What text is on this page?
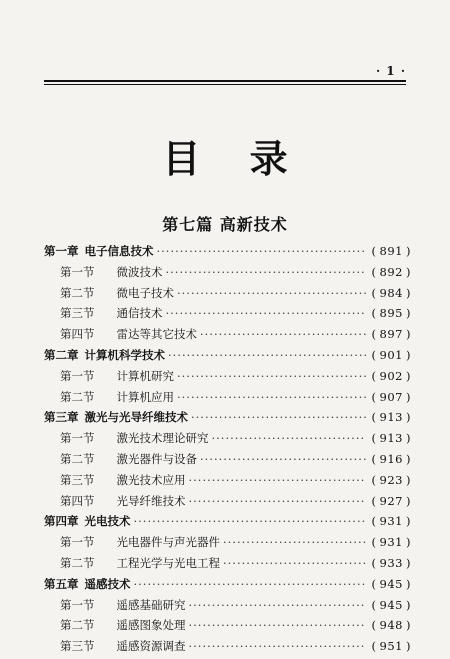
· 1 ·
目 录
第七篇 高新技术
第一章 电子信息技术 ·····	( 891 )
第一节 微波技术 ·····	( 892 )
第二节 微电子技术 ·····	( 984 )
第三节 通信技术 ·····	( 895 )
第四节 雷达等其它技术 ·····	( 897 )
第二章 计算机科学技术 ·····	( 901 )
第一节 计算机研究 ·····	( 902 )
第二节 计算机应用 ·····	( 907 )
第三章 激光与光导纤维技术 ·····	( 913 )
第一节 激光技术理论研究 ·····	( 913 )
第二节 激光器件与设备 ·····	( 916 )
第三节 激光技术应用 ·····	( 923 )
第四节 光导纤维技术 ·····	( 927 )
第四章 光电技术 ·····	( 931 )
第一节 光电器件与声光器件 ·····	( 931 )
第二节 工程光学与光电工程 ·····	( 933 )
第五章 遥感技术 ·····	( 945 )
第一节 遥感基础研究 ·····	( 945 )
第二节 遥感图象处理 ·····	( 948 )
第三节 遥感资源调查 ·····	( 951 )
